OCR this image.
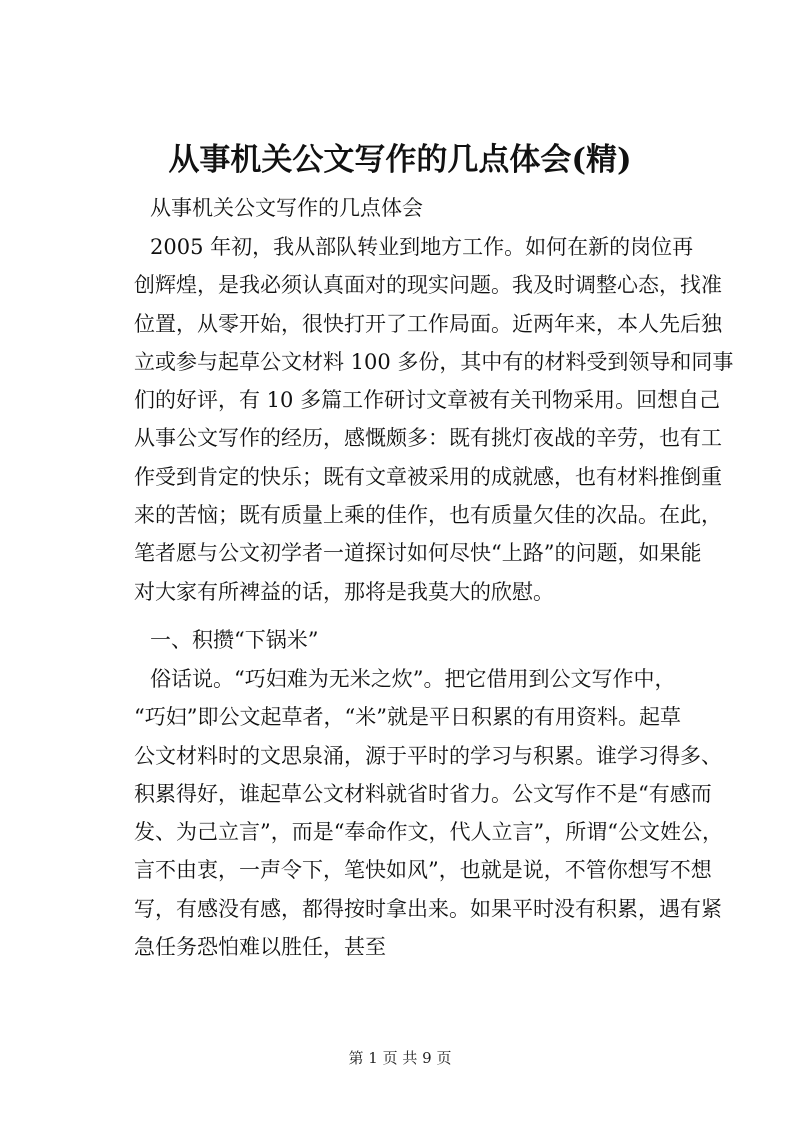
从事机关公文写作的几点体会(精)
从事机关公文写作的几点体会
2005 年初，我从部队转业到地方工作。如何在新的岗位再
创辉煌，是我必须认真面对的现实问题。我及时调整心态，找准
位置，从零开始，很快打开了工作局面。近两年来，本人先后独
立或参与起草公文材料 100 多份，其中有的材料受到领导和同事
们的好评，有 10 多篇工作研讨文章被有关刊物采用。回想自己
从事公文写作的经历，感慨颇多：既有挑灯夜战的辛劳，也有工
作受到肯定的快乐；既有文章被采用的成就感，也有材料推倒重
来的苦恼；既有质量上乘的佳作，也有质量欠佳的次品。在此，
笔者愿与公文初学者一道探讨如何尽快“上路”的问题，如果能
对大家有所裨益的话，那将是我莫大的欣慰。
一、积攒“下锅米”
俗话说。“巧妇难为无米之炊”。把它借用到公文写作中，
“巧妇”即公文起草者，“米”就是平日积累的有用资料。起草
公文材料时的文思泉涌，源于平时的学习与积累。谁学习得多、
积累得好，谁起草公文材料就省时省力。公文写作不是“有感而
发、为己立言”，而是“奉命作文，代人立言”，所谓“公文姓公，
言不由衷，一声令下，笔快如风”，也就是说，不管你想写不想
写，有感没有感，都得按时拿出来。如果平时没有积累，遇有紧
急任务恐怕难以胜任，甚至
第 1 页 共 9 页
